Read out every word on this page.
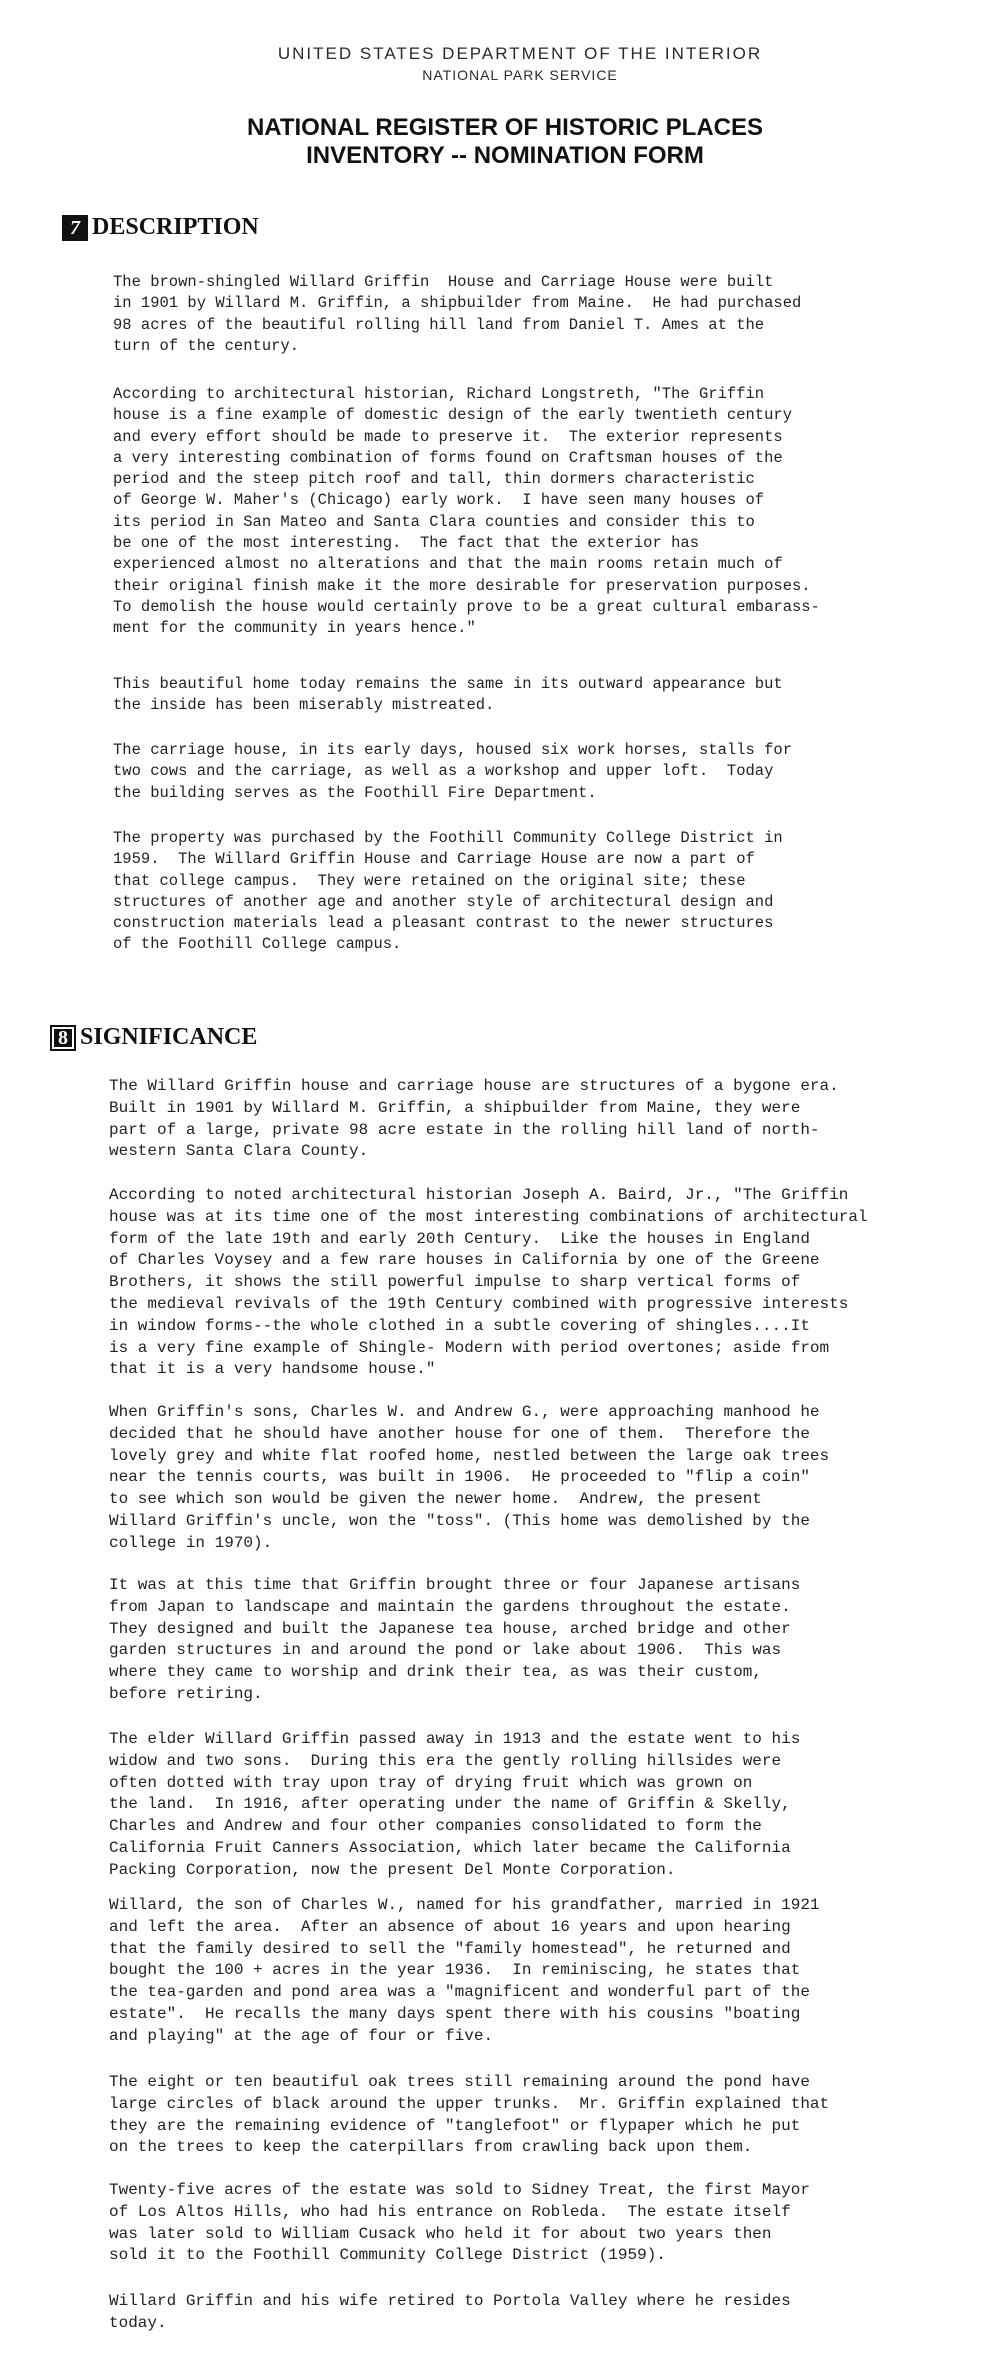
UNITED STATES DEPARTMENT OF THE INTERIOR
NATIONAL PARK SERVICE
NATIONAL REGISTER OF HISTORIC PLACES
INVENTORY -- NOMINATION FORM
7 DESCRIPTION

The brown-shingled Willard Griffin  House and Carriage House were built
in 1901 by Willard M. Griffin, a shipbuilder from Maine.  He had purchased
98 acres of the beautiful rolling hill land from Daniel T. Ames at the
turn of the century.

According to architectural historian, Richard Longstreth, "The Griffin
house is a fine example of domestic design of the early twentieth century
and every effort should be made to preserve it.  The exterior represents
a very interesting combination of forms found on Craftsman houses of the
period and the steep pitch roof and tall, thin dormers characteristic
of George W. Maher's (Chicago) early work.  I have seen many houses of
its period in San Mateo and Santa Clara counties and consider this to
be one of the most interesting.  The fact that the exterior has
experienced almost no alterations and that the main rooms retain much of
their original finish make it the more desirable for preservation purposes.
To demolish the house would certainly prove to be a great cultural embarass-
ment for the community in years hence."

This beautiful home today remains the same in its outward appearance but
the inside has been miserably mistreated.

The carriage house, in its early days, housed six work horses, stalls for
two cows and the carriage, as well as a workshop and upper loft.  Today
the building serves as the Foothill Fire Department.

The property was purchased by the Foothill Community College District in
1959.  The Willard Griffin House and Carriage House are now a part of
that college campus.  They were retained on the original site; these
structures of another age and another style of architectural design and
construction materials lead a pleasant contrast to the newer structures
of the Foothill College campus.

8 SIGNIFICANCE

The Willard Griffin house and carriage house are structures of a bygone era.
Built in 1901 by Willard M. Griffin, a shipbuilder from Maine, they were
part of a large, private 98 acre estate in the rolling hill land of north-
western Santa Clara County.

According to noted architectural historian Joseph A. Baird, Jr., "The Griffin
house was at its time one of the most interesting combinations of architectural
form of the late 19th and early 20th Century.  Like the houses in England
of Charles Voysey and a few rare houses in California by one of the Greene
Brothers, it shows the still powerful impulse to sharp vertical forms of
the medieval revivals of the 19th Century combined with progressive interests
in window forms--the whole clothed in a subtle covering of shingles....It
is a very fine example of Shingle- Modern with period overtones; aside from
that it is a very handsome house."

When Griffin's sons, Charles W. and Andrew G., were approaching manhood he
decided that he should have another house for one of them.  Therefore the
lovely grey and white flat roofed home, nestled between the large oak trees
near the tennis courts, was built in 1906.  He proceeded to "flip a coin"
to see which son would be given the newer home.  Andrew, the present
Willard Griffin's uncle, won the "toss". (This home was demolished by the
college in 1970).

It was at this time that Griffin brought three or four Japanese artisans
from Japan to landscape and maintain the gardens throughout the estate.
They designed and built the Japanese tea house, arched bridge and other
garden structures in and around the pond or lake about 1906.  This was
where they came to worship and drink their tea, as was their custom,
before retiring.

The elder Willard Griffin passed away in 1913 and the estate went to his
widow and two sons.  During this era the gently rolling hillsides were
often dotted with tray upon tray of drying fruit which was grown on
the land.  In 1916, after operating under the name of Griffin & Skelly,
Charles and Andrew and four other companies consolidated to form the
California Fruit Canners Association, which later became the California
Packing Corporation, now the present Del Monte Corporation.

Willard, the son of Charles W., named for his grandfather, married in 1921
and left the area.  After an absence of about 16 years and upon hearing
that the family desired to sell the "family homestead", he returned and
bought the 100 + acres in the year 1936.  In reminiscing, he states that
the tea-garden and pond area was a "magnificent and wonderful part of the
estate".  He recalls the many days spent there with his cousins "boating
and playing" at the age of four or five.

The eight or ten beautiful oak trees still remaining around the pond have
large circles of black around the upper trunks.  Mr. Griffin explained that
they are the remaining evidence of "tanglefoot" or flypaper which he put
on the trees to keep the caterpillars from crawling back upon them.

Twenty-five acres of the estate was sold to Sidney Treat, the first Mayor
of Los Altos Hills, who had his entrance on Robleda.  The estate itself
was later sold to William Cusack who held it for about two years then
sold it to the Foothill Community College District (1959).

Willard Griffin and his wife retired to Portola Valley where he resides
today.
